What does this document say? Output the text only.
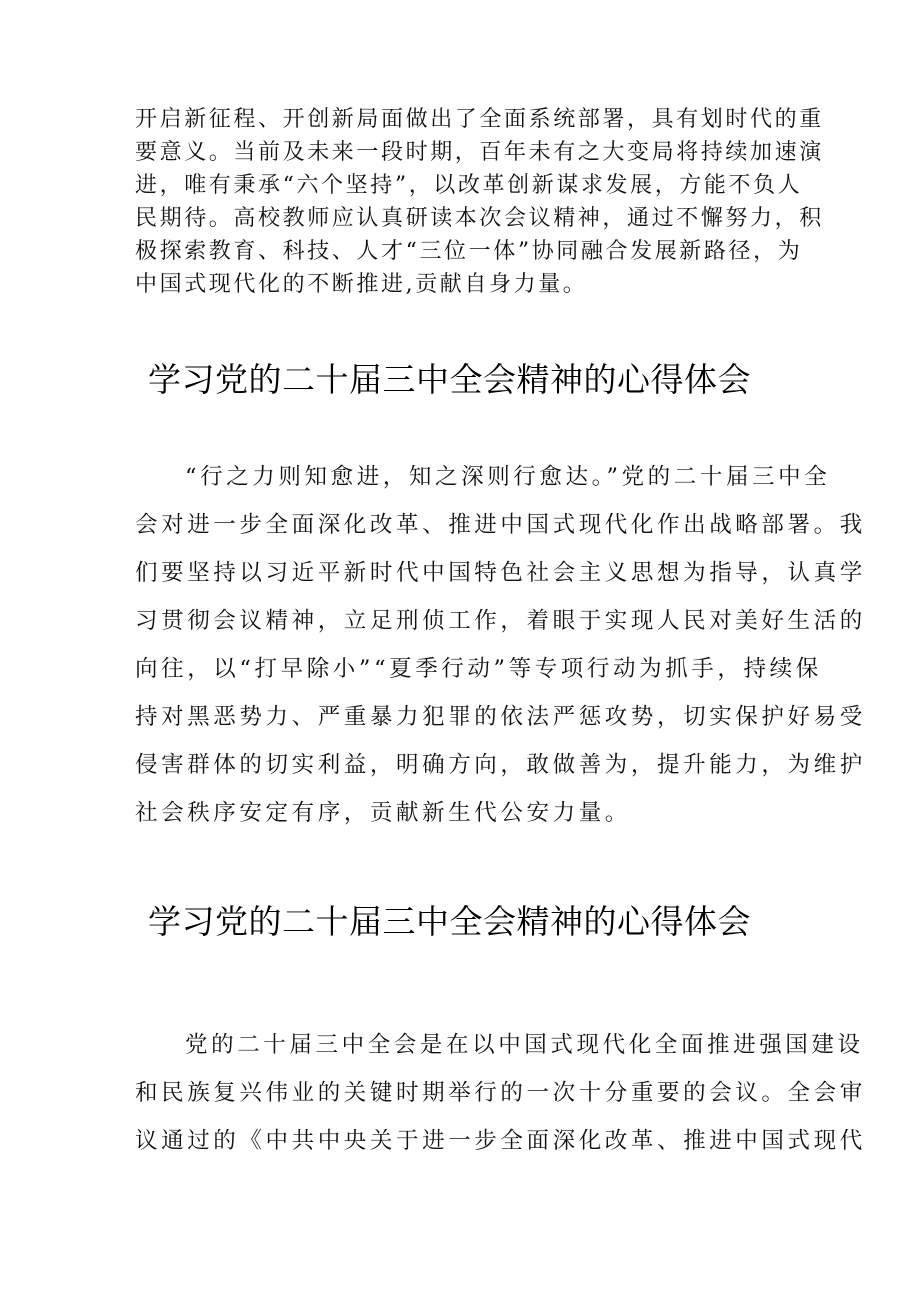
开启新征程、开创新局面做出了全面系统部署，具有划时代的重
要意义。当前及未来一段时期，百年未有之大变局将持续加速演
进，唯有秉承“六个坚持”，以改革创新谋求发展，方能不负人
民期待。高校教师应认真研读本次会议精神，通过不懈努力，积
极探索教育、科技、人才“三位一体”协同融合发展新路径，为
中国式现代化的不断推进,贡献自身力量。
学习党的二十届三中全会精神的心得体会
“行之力则知愈进，知之深则行愈达。”党的二十届三中全
会对进一步全面深化改革、推进中国式现代化作出战略部署。我
们要坚持以习近平新时代中国特色社会主义思想为指导，认真学
习贯彻会议精神，立足刑侦工作，着眼于实现人民对美好生活的
向往，以“打早除小”“夏季行动”等专项行动为抓手，持续保
持对黑恶势力、严重暴力犯罪的依法严惩攻势，切实保护好易受
侵害群体的切实利益，明确方向，敢做善为，提升能力，为维护
社会秩序安定有序，贡献新生代公安力量。
学习党的二十届三中全会精神的心得体会
党的二十届三中全会是在以中国式现代化全面推进强国建设
和民族复兴伟业的关键时期举行的一次十分重要的会议。全会审
议通过的《中共中央关于进一步全面深化改革、推进中国式现代
